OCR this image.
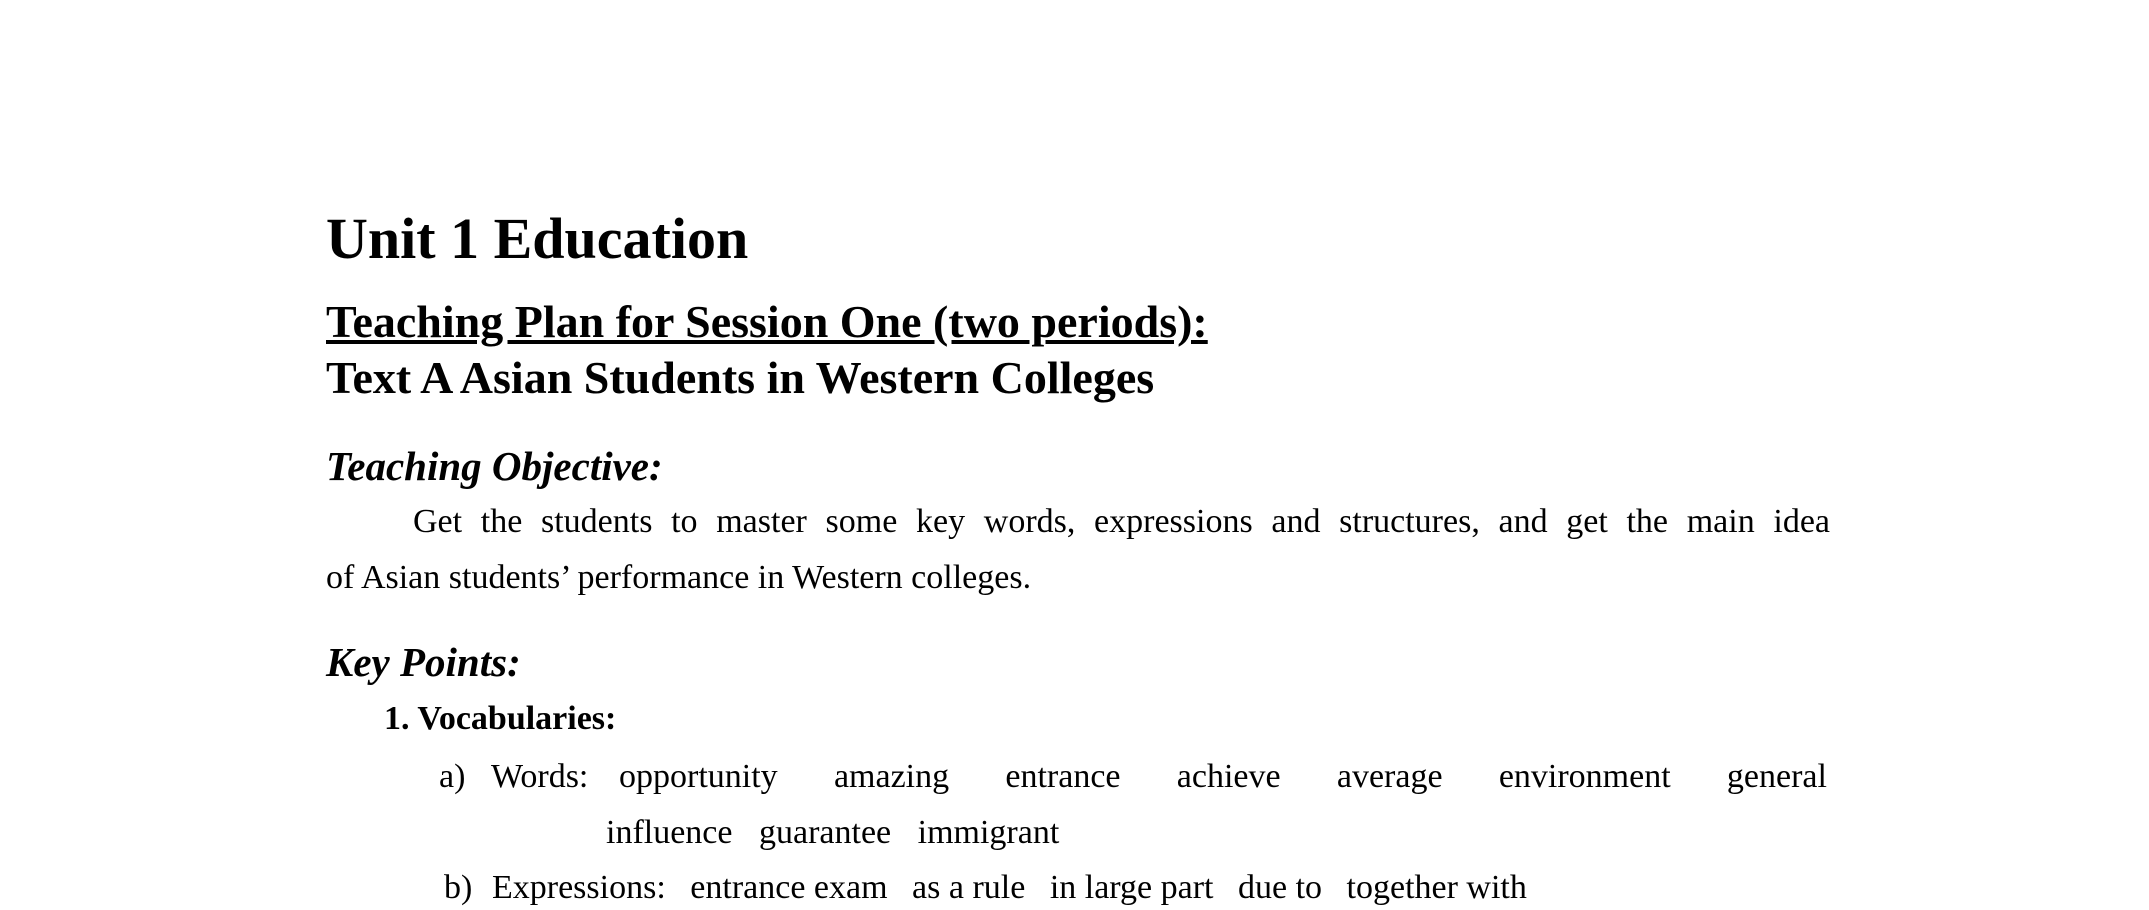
Unit 1 Education
Teaching Plan for Session One (two periods):
Text A Asian Students in Western Colleges
Teaching Objective:

Get the students to master some key words, expressions and structures, and get the main idea

of Asian students’ performance in Western colleges.

Key Points:
1. Vocabularies:
a) Words: opportunity amazing entrance achieve average environment general
influence guarantee immigrant
b) Expressions: entrance exam as a rule in large part due to together with
